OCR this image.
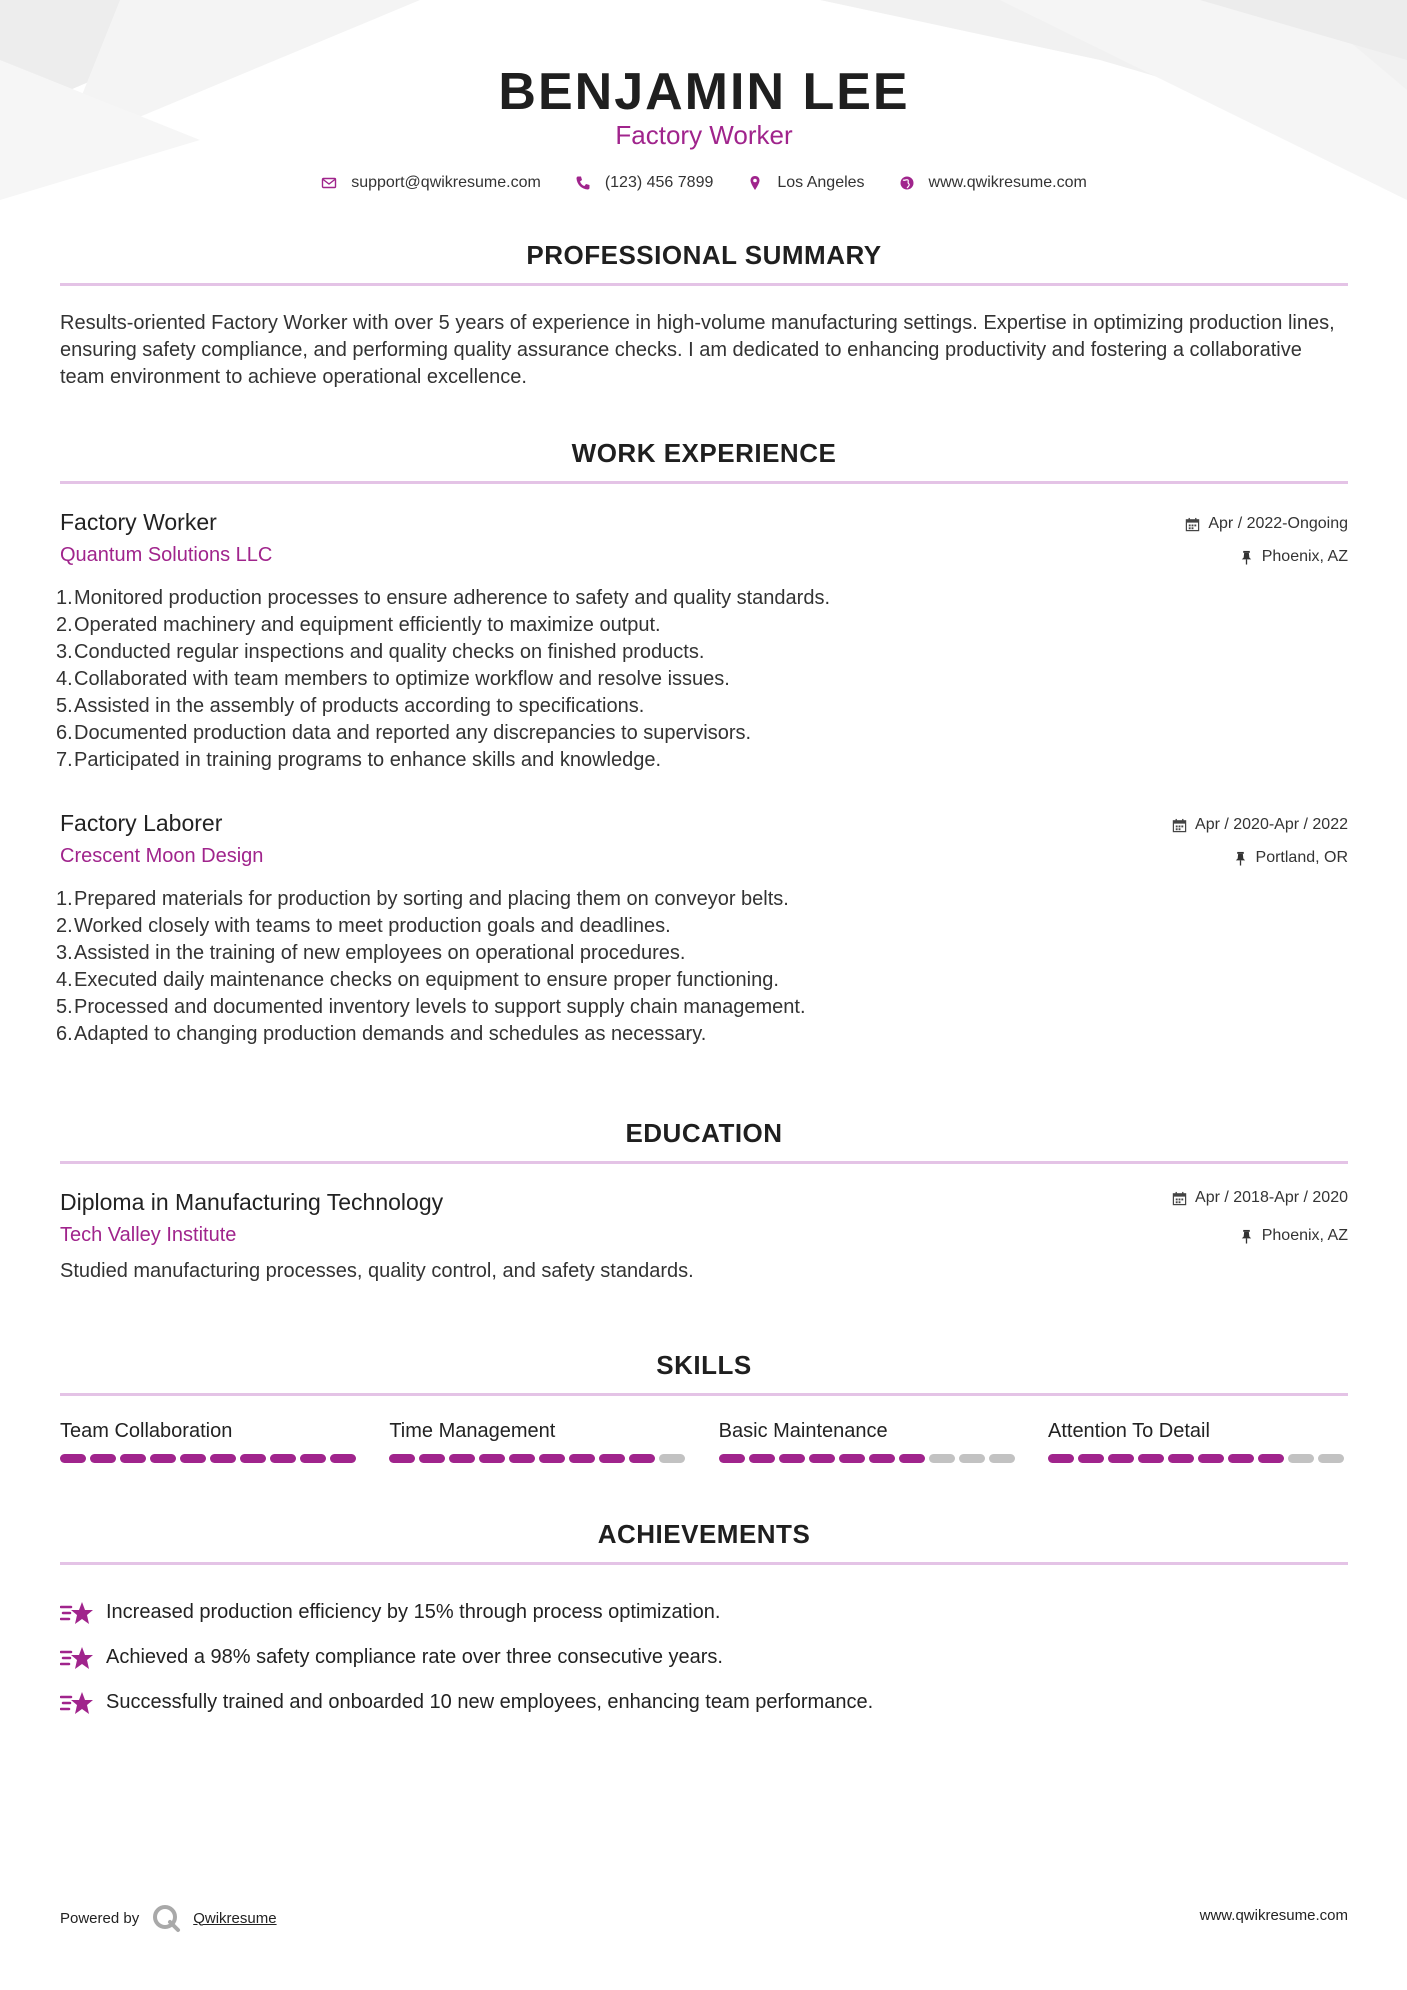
BENJAMIN LEE
Factory Worker
support@qwikresume.com	(123) 456 7899	Los Angeles	www.qwikresume.com
PROFESSIONAL SUMMARY
Results-oriented Factory Worker with over 5 years of experience in high-volume manufacturing settings. Expertise in optimizing production lines, ensuring safety compliance, and performing quality assurance checks. I am dedicated to enhancing productivity and fostering a collaborative team environment to achieve operational excellence.
WORK EXPERIENCE
Factory Worker
Quantum Solutions LLC
Apr / 2022-Ongoing
Phoenix, AZ
1. Monitored production processes to ensure adherence to safety and quality standards.
2. Operated machinery and equipment efficiently to maximize output.
3. Conducted regular inspections and quality checks on finished products.
4. Collaborated with team members to optimize workflow and resolve issues.
5. Assisted in the assembly of products according to specifications.
6. Documented production data and reported any discrepancies to supervisors.
7. Participated in training programs to enhance skills and knowledge.
Factory Laborer
Crescent Moon Design
Apr / 2020-Apr / 2022
Portland, OR
1. Prepared materials for production by sorting and placing them on conveyor belts.
2. Worked closely with teams to meet production goals and deadlines.
3. Assisted in the training of new employees on operational procedures.
4. Executed daily maintenance checks on equipment to ensure proper functioning.
5. Processed and documented inventory levels to support supply chain management.
6. Adapted to changing production demands and schedules as necessary.
EDUCATION
Diploma in Manufacturing Technology
Tech Valley Institute
Apr / 2018-Apr / 2020
Phoenix, AZ
Studied manufacturing processes, quality control, and safety standards.
SKILLS
Team Collaboration	Time Management	Basic Maintenance	Attention To Detail
ACHIEVEMENTS
Increased production efficiency by 15% through process optimization.
Achieved a 98% safety compliance rate over three consecutive years.
Successfully trained and onboarded 10 new employees, enhancing team performance.
Powered by	Qwikresume	www.qwikresume.com
